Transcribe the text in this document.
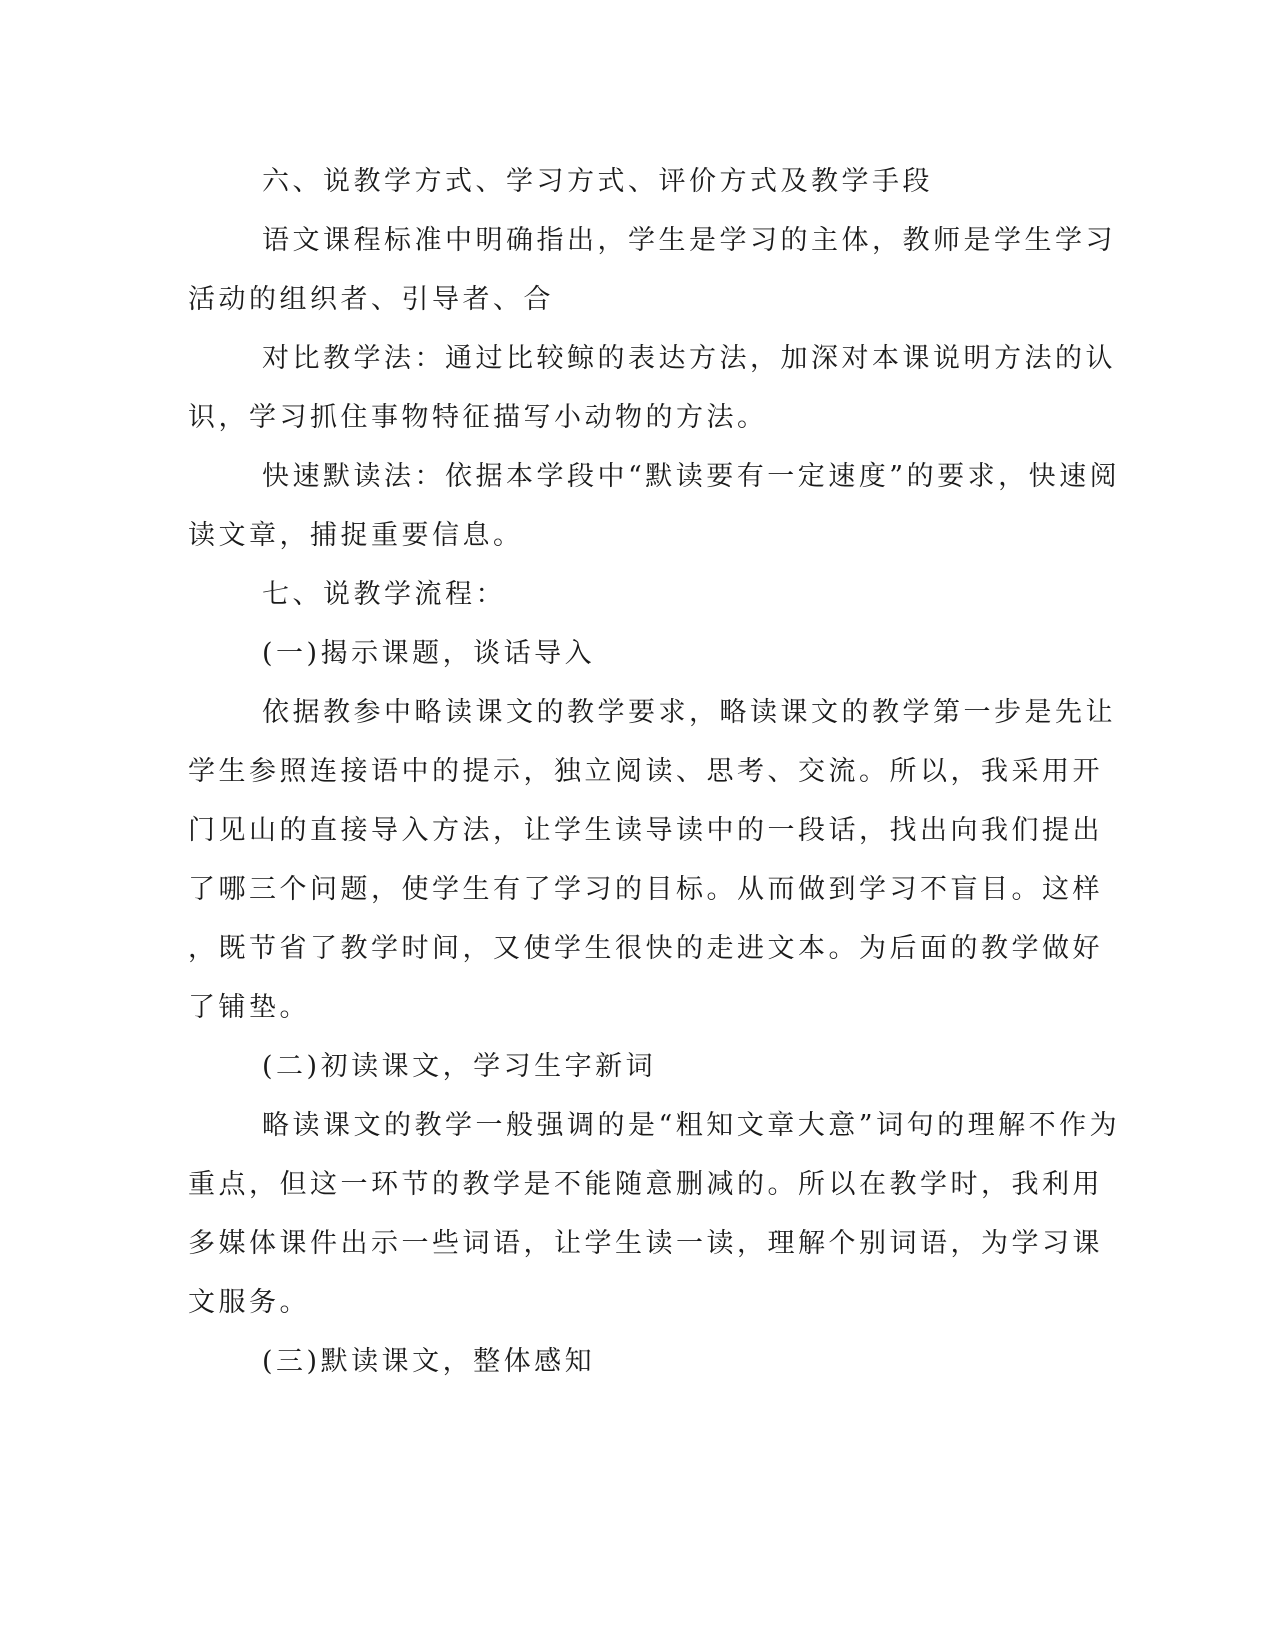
六、说教学方式、学习方式、评价方式及教学手段
语文课程标准中明确指出，学生是学习的主体，教师是学生学习
活动的组织者、引导者、合
对比教学法：通过比较鲸的表达方法，加深对本课说明方法的认
识，学习抓住事物特征描写小动物的方法。
快速默读法：依据本学段中“默读要有一定速度”的要求，快速阅
读文章，捕捉重要信息。
七、说教学流程：
(一)揭示课题，谈话导入
依据教参中略读课文的教学要求，略读课文的教学第一步是先让
学生参照连接语中的提示，独立阅读、思考、交流。所以，我采用开
门见山的直接导入方法，让学生读导读中的一段话，找出向我们提出
了哪三个问题，使学生有了学习的目标。从而做到学习不盲目。这样
，既节省了教学时间，又使学生很快的走进文本。为后面的教学做好
了铺垫。
(二)初读课文，学习生字新词
略读课文的教学一般强调的是“粗知文章大意”词句的理解不作为
重点，但这一环节的教学是不能随意删减的。所以在教学时，我利用
多媒体课件出示一些词语，让学生读一读，理解个别词语，为学习课
文服务。
(三)默读课文，整体感知
